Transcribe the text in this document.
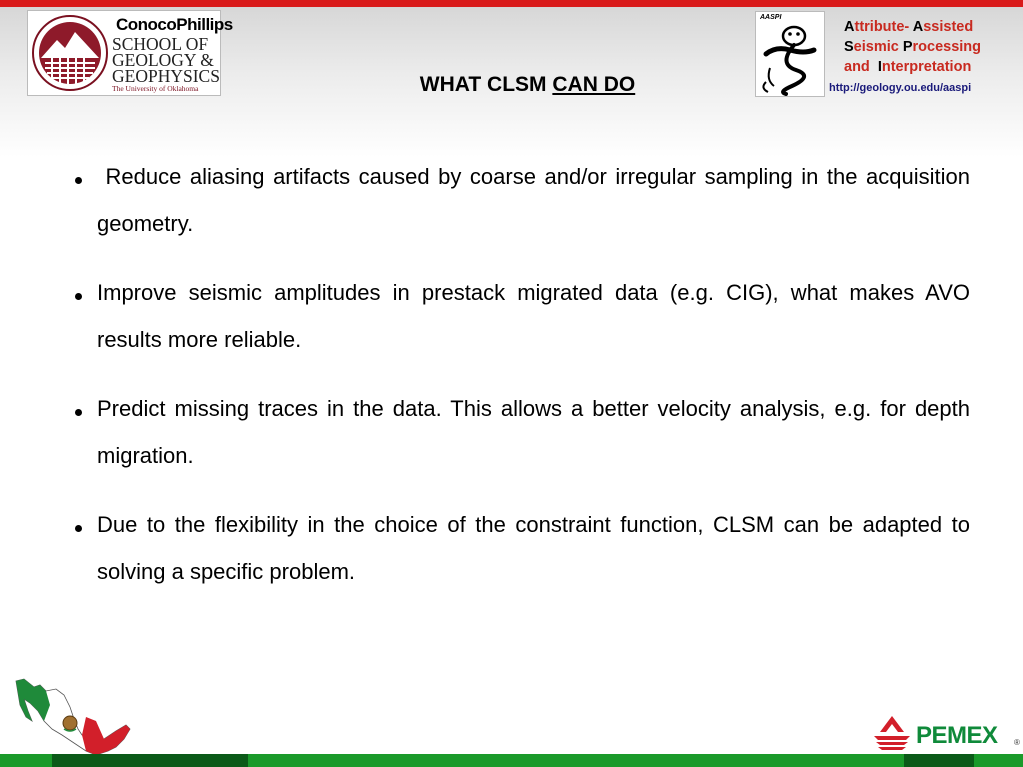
ConocoPhillips
SCHOOL OF
GEOLOGY &
GEOPHYSICS
The University of Oklahoma	WHAT CLSM CAN DO
AASPI
Attribute- Assisted
Seismic Processing
and  Interpretation
http://geology.ou.edu/aaspi
Reduce aliasing artifacts caused by coarse and/or irregular sampling in the acquisition geometry.
Improve seismic amplitudes in prestack migrated data (e.g. CIG), what makes AVO results more reliable.
Predict missing traces in the data. This allows a better velocity analysis, e.g. for depth migration.
Due to the flexibility in the choice of the constraint function, CLSM can be adapted to solving a specific problem.
PEMEX ®
